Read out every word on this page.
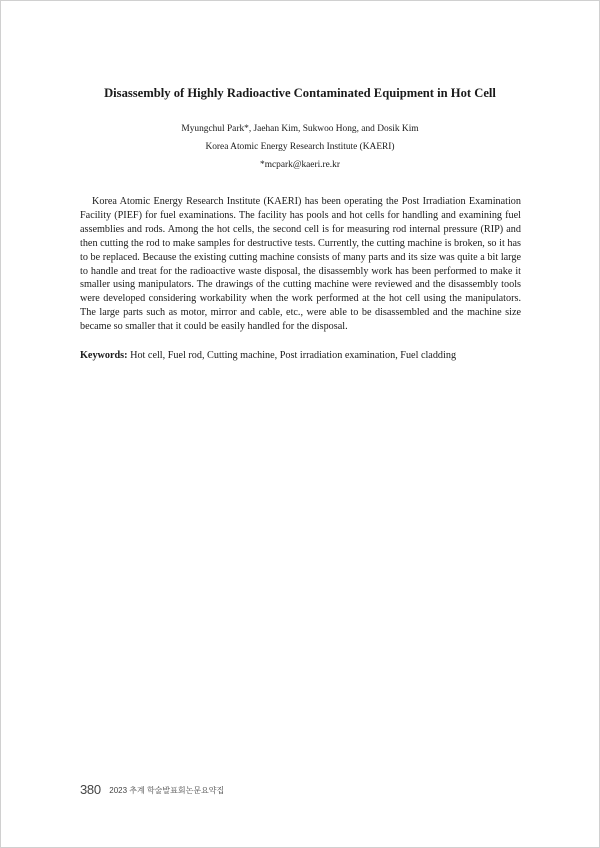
Disassembly of Highly Radioactive Contaminated Equipment in Hot Cell
Myungchul Park*, Jaehan Kim, Sukwoo Hong, and Dosik Kim
Korea Atomic Energy Research Institute (KAERI)
*mcpark@kaeri.re.kr

Korea Atomic Energy Research Institute (KAERI) has been operating the Post Irradiation Examination Facility (PIEF) for fuel examinations. The facility has pools and hot cells for handling and examining fuel assemblies and rods. Among the hot cells, the second cell is for measuring rod internal pressure (RIP) and then cutting the rod to make samples for destructive tests. Currently, the cutting machine is broken, so it has to be replaced. Because the existing cutting machine consists of many parts and its size was quite a bit large to handle and treat for the radioactive waste disposal, the disassembly work has been performed to make it smaller using manipulators. The drawings of the cutting machine were reviewed and the disassembly tools were developed considering workability when the work performed at the hot cell using the manipulators. The large parts such as motor, mirror and cable, etc., were able to be disassembled and the machine size became so smaller that it could be easily handled for the disposal.

Keywords: Hot cell, Fuel rod, Cutting machine, Post irradiation examination, Fuel cladding

380 2023 추계 학술발표회논문요약집
